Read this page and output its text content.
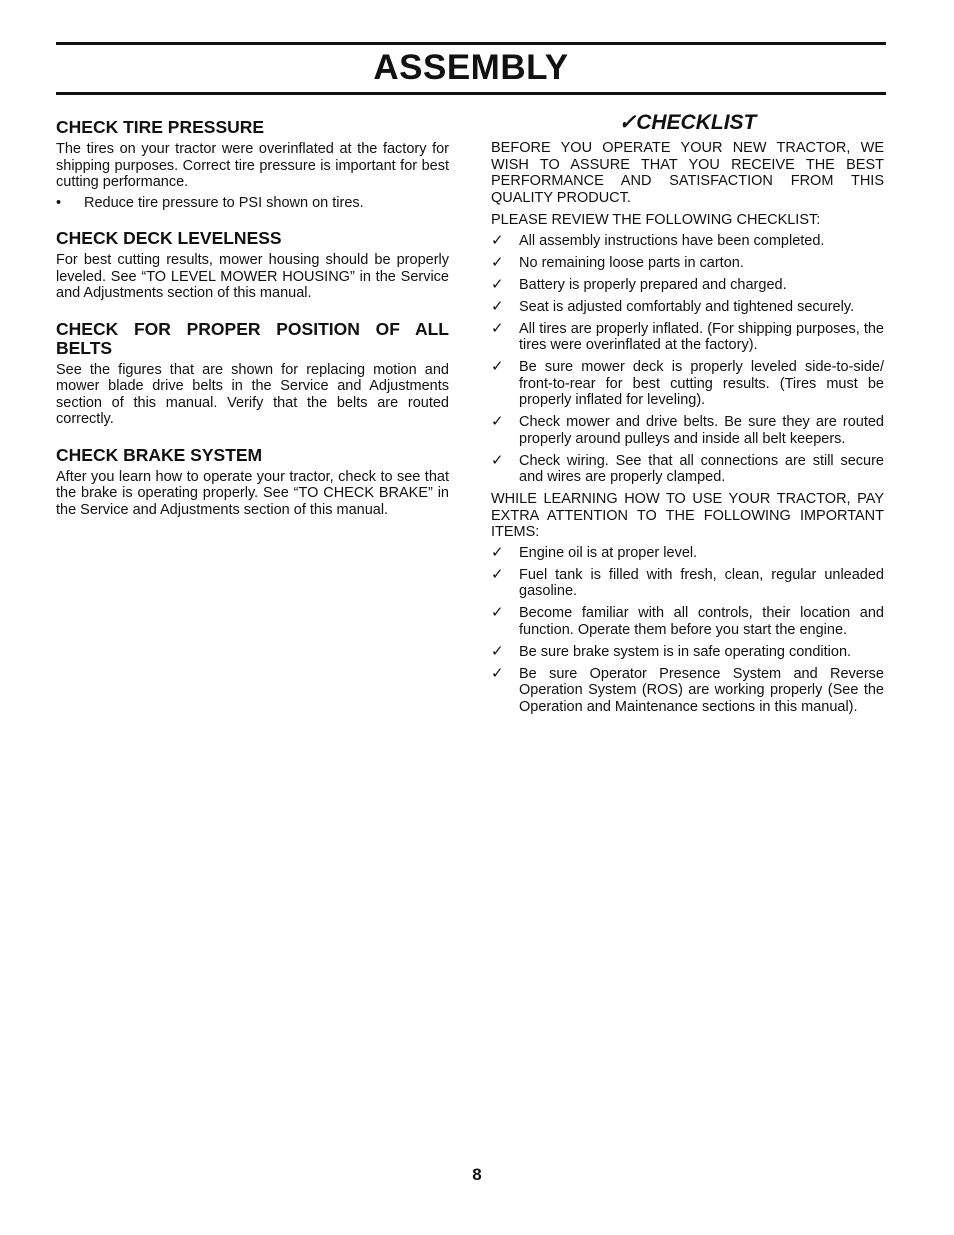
ASSEMBLY
CHECK TIRE PRESSURE

The tires on your tractor were overinflated at the factory for shipping purposes. Correct tire pressure is important for best cutting performance.

• Reduce tire pressure to PSI shown on tires.
CHECK DECK LEVELNESS

For best cutting results, mower housing should be properly leveled. See “TO LEVEL MOWER HOUSING” in the Service and Adjustments section of this manual.

CHECK FOR PROPER POSITION OF ALL BELTS

See the figures that are shown for replacing motion and mower blade drive belts in the Service and Adjustments section of this manual. Verify that the belts are routed correctly.

CHECK BRAKE SYSTEM

After you learn how to operate your tractor, check to see that the brake is operating properly. See “TO CHECK BRAKE” in the Service and Adjustments section of this manual.

✓CHECKLIST
BEFORE YOU OPERATE YOUR NEW TRACTOR, WE WISH TO ASSURE THAT YOU RECEIVE THE BEST PERFORMANCE AND SATISFACTION FROM THIS QUALITY PRODUCT.
PLEASE REVIEW THE FOLLOWING CHECKLIST:
✓ All assembly instructions have been completed.
✓ No remaining loose parts in carton.
✓ Battery is properly prepared and charged.
✓ Seat is adjusted comfortably and tightened securely.
✓ All tires are properly inflated. (For shipping purposes, the tires were overinflated at the factory).
✓ Be sure mower deck is properly leveled side-to-side/ front-to-rear for best cutting results. (Tires must be properly inflated for leveling).
✓ Check mower and drive belts. Be sure they are routed properly around pulleys and inside all belt keepers.
✓ Check wiring. See that all connections are still secure and wires are properly clamped.
WHILE LEARNING HOW TO USE YOUR TRACTOR, PAY EXTRA ATTENTION TO THE FOLLOWING IMPORTANT ITEMS:
✓ Engine oil is at proper level.
✓ Fuel tank is filled with fresh, clean, regular unleaded gasoline.
✓ Become familiar with all controls, their location and function. Operate them before you start the engine.
✓ Be sure brake system is in safe operating condition.
✓ Be sure Operator Presence System and Reverse Operation System (ROS) are working properly (See the Operation and Maintenance sections in this manual).
8
